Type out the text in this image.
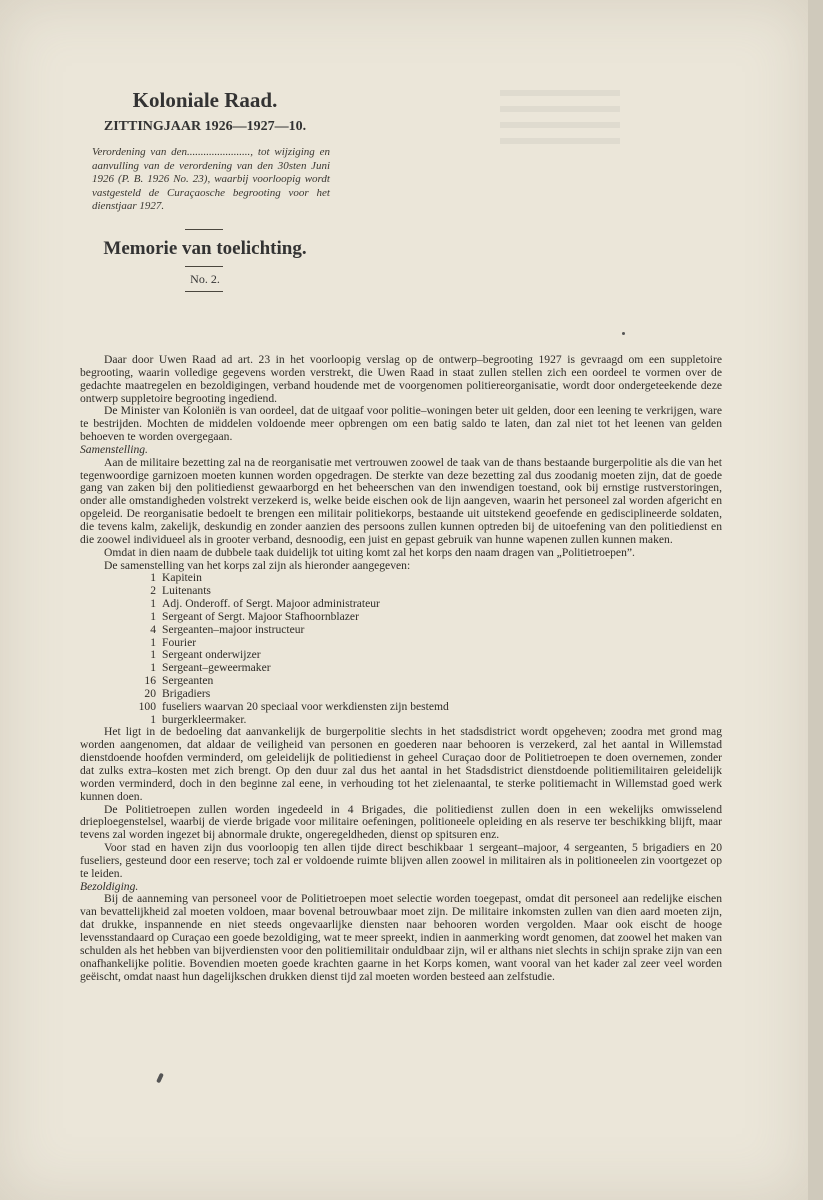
Koloniale Raad.
ZITTINGJAAR 1926—1927—10.
Verordening van den......................., tot wijziging en aanvulling van de verordening van den 30sten Juni 1926 (P. B. 1926 No. 23), waarbij voorloopig wordt vastgesteld de Curaçaosche begrooting voor het dienstjaar 1927.
Memorie van toelichting.
No. 2.

Daar door Uwen Raad ad art. 23 in het voorloopig verslag op de ontwerp–begrooting 1927 is gevraagd om een suppletoire begrooting, waarin volledige gegevens worden verstrekt, die Uwen Raad in staat zullen stellen zich een oordeel te vormen over de gedachte maatregelen en bezoldigingen, verband houdende met de voorgenomen politiereorganisatie, wordt door ondergeteekende deze ontwerp suppletoire begrooting ingediend.

De Minister van Koloniën is van oordeel, dat de uitgaaf voor politie–woningen beter uit gelden, door een leening te verkrijgen, ware te bestrijden. Mochten de middelen voldoende meer opbrengen om een batig saldo te laten, dan zal niet tot het leenen van gelden behoeven te worden overgegaan.

Samenstelling.

Aan de militaire bezetting zal na de reorganisatie met vertrouwen zoowel de taak van de thans bestaande burgerpolitie als die van het tegenwoordige garnizoen moeten kunnen worden opgedragen. De sterkte van deze bezetting zal dus zoodanig moeten zijn, dat de goede gang van zaken bij den politiedienst gewaarborgd en het beheerschen van den inwendigen toestand, ook bij ernstige rustverstoringen, onder alle omstandigheden volstrekt verzekerd is, welke beide eischen ook de lijn aangeven, waarin het personeel zal worden afgericht en opgeleid. De reorganisatie bedoelt te brengen een militair politiekorps, bestaande uit uitstekend geoefende en gedisciplineerde soldaten, die tevens kalm, zakelijk, deskundig en zonder aanzien des persoons zullen kunnen optreden bij de uitoefening van den politiedienst en die zoowel individueel als in grooter verband, desnoodig, een juist en gepast gebruik van hunne wapenen zullen kunnen maken.

Omdat in dien naam de dubbele taak duidelijk tot uiting komt zal het korps den naam dragen van „Politietroepen”.

De samenstelling van het korps zal zijn als hieronder aangegeven:

1 Kapitein
2 Luitenants
1 Adj. Onderoff. of Sergt. Majoor administrateur
1 Sergeant of Sergt. Majoor Stafhoornblazer
4 Sergeanten–majoor instructeur
1 Fourier
1 Sergeant onderwijzer
1 Sergeant–geweermaker
16 Sergeanten
20 Brigadiers
100 fuseliers waarvan 20 speciaal voor werkdiensten zijn bestemd
1 burgerkleermaker.

Het ligt in de bedoeling dat aanvankelijk de burgerpolitie slechts in het stadsdistrict wordt opgeheven; zoodra met grond mag worden aangenomen, dat aldaar de veiligheid van personen en goederen naar behooren is verzekerd, zal het aantal in Willemstad dienstdoende hoofden verminderd, om geleidelijk de politiedienst in geheel Curaçao door de Politietroepen te doen overnemen, zonder dat zulks extra–kosten met zich brengt. Op den duur zal dus het aantal in het Stadsdistrict dienstdoende politiemilitairen geleidelijk worden verminderd, doch in den beginne zal eene, in verhouding tot het zielenaantal, te sterke politiemacht in Willemstad goed werk kunnen doen.

De Politietroepen zullen worden ingedeeld in 4 Brigades, die politiedienst zullen doen in een wekelijks omwisselend drieploegenstelsel, waarbij de vierde brigade voor militaire oefeningen, politioneele opleiding en als reserve ter beschikking blijft, maar tevens zal worden ingezet bij abnormale drukte, ongeregeldheden, dienst op spitsuren enz.

Voor stad en haven zijn dus voorloopig ten allen tijde direct beschikbaar 1 sergeant–majoor, 4 sergeanten, 5 brigadiers en 20 fuseliers, gesteund door een reserve; toch zal er voldoende ruimte blijven allen zoowel in militairen als in politioneelen zin voortgezet op te leiden.

Bezoldiging.

Bij de aanneming van personeel voor de Politietroepen moet selectie worden toegepast, omdat dit personeel aan redelijke eischen van bevattelijkheid zal moeten voldoen, maar bovenal betrouwbaar moet zijn. De militaire inkomsten zullen van dien aard moeten zijn, dat drukke, inspannende en niet steeds ongevaarlijke diensten naar behooren worden vergolden. Maar ook eischt de hooge levensstandaard op Curaçao een goede bezoldiging, wat te meer spreekt, indien in aanmerking wordt genomen, dat zoowel het maken van schulden als het hebben van bijverdiensten voor den politiemilitair onduldbaar zijn, wil er althans niet slechts in schijn sprake zijn van een onafhankelijke politie. Bovendien moeten goede krachten gaarne in het Korps komen, want vooral van het kader zal zeer veel worden geëischt, omdat naast hun dagelijkschen drukken dienst tijd zal moeten worden besteed aan zelfstudie.
